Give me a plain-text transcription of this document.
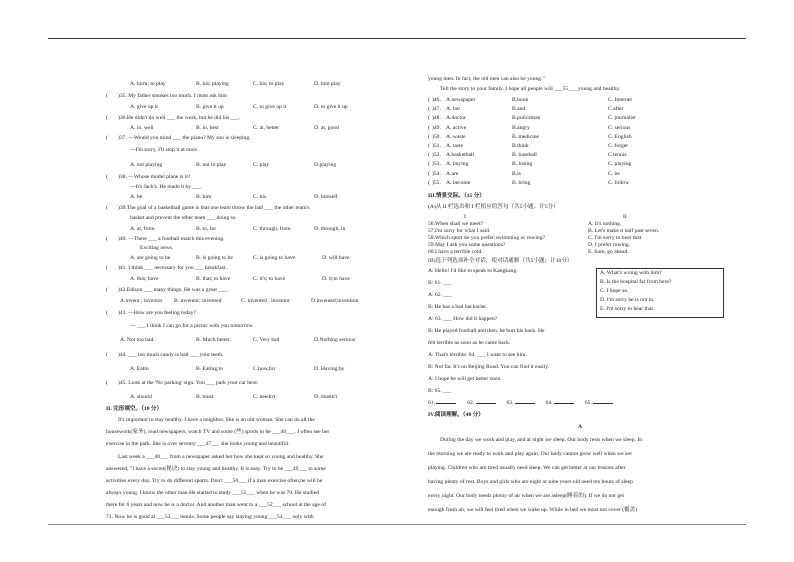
A. hirm; to play	B. his; playing	C. his; to play	D. him play
( )35. My father smokes too much. I must ask him
A. give up it	B. give it up	C. to give up it	D. to give it up
( )36.He didn't do well ___ the work, but he did his ___.
A. in, well	B. in, best	C. at, better	D. at, good
( )37. —Would you mind ___ the piano? My son is sleeping.
—I'm sorry, I'll stop it at once.
A. not playing	B. not to play	C. play	D.playing
( )38. —Whose model plane is it?
—It's Jack's. He made it by ___.
A. he	B. him	C. his	D. himself
( )39.The goal of a basketball game is that one team throw the ball ___ the other team's
basket and prevent the other team ___ doing so
A. at, from	B. to, for	C. through, from	D. through, in
( )40. —There ___ a football match this evening.
Exciting news.
A. are going to be	B. is going to be	C. is going to have	D. will have
( )41. I think ___ necessary for you ___ breakfast.
A. this; have	B. that; to have	C. it's; to have	D. it;to have
( )42.Edison ___ many things. He was a great ___.
A.invent ; inventor B. inventor; invented	C. invented ; inventor	D.invented;invention
( )43. —How are you feeling today?
— ___ I think I can go for a picnic with you tomorrow.
A. Not too bad.	B. Much better.	C. Very bad	D.Nothing serious
( )44. ___ too much candy is bad ___ your teeth.
A. Eatin	B. Eating,to	C.how,for	D. Having;by
( )45. Look at the 'No parking' sign. You ___ park your car here.
A. should	B. must	C. needn't	D. mustn't
II. 完形填空。（10 分）
It's important to stay healthy. I have a neighbor. She is an old woman. She can do all the
housework(家务), read newspapers, watch TV and some (些) sports to be ___46___. I often see her
exercise in the park. She is over seventy ___47___ she looks young and beautiful.
Last week a ___48___ from a newspaper asked her how she kept so young and healthy. She
answered, "I have a secret(秘诀) to stay young and healthy. It is easy. Try to be ___49___ in some
activities every day. Try to do different sports. Don't ___50___ if a man exercise often,he will be
always young. I know the other man.He started to study ___51___ when he was 70. He studied
there for 6 years and now he is a doctor. And another man went to a ___52___ school at the age of
71. Now he is good at ___53___ tennis. Some people say staying young ___54___ only with
young men. In fact, the old men can also be young."
Tell the story to your family. I hope all people will ___55___ young and healthy.
( )46. A.newspaper	B.book	C. Internet
( )47. A. but	B.and	C.after
( )48. A.doctor	B.policeman	C. journalist
( )49. A. active	B.angry	C. serious
( )50. A. waste	B. medicine	C. English
( )51. A. taste	B.think	C. forget
( )52. A.basketball	B. baseball	C.tennis
( )53. A. buying	B. losing	C. playing
( )54. A.are	B.is	C. be
( )55. A. become	B. bring	C. follow
III.情景交际。（15 分）
(A)从 II 栏选出和 I 栏相应的答句（共5小题；计5分）
I	II
56.When shall we meet?
57.I'm sorry for what I said.
58.Which sport do you prefer:swimming or rowing?
59.May I ask you some questions?
60.I have a terrible cold.
A. It's nothing.
B. Let's make it half past seven.
C. I'm sorry to hear that.
D. I prefer rowing.
E. Sure, go ahead.
(B)选下列选项补全对话，使对话通顺（共5小题；计10分）
A: Hello! I'd like to speak to Kangkang.
B: 61. ___
A: 62. ___
B: He has a bad backache.
A: 63. ___ How did it happen?
B: He played football and then, he hurt his back. He
felt terrible as soon as he came back.
A: That's terrible. 64. ___ I want to see him.
B: Not far. It's on Beijing Road. You can find it easily.
A: I hope he will get better soon.
B: 65. ___
61.	62.	63.	64.	65.
A. What's wrong with him?
B. Is the hospital far from here?
C. I hope so.
D. I'm sorry he is not in.
E. I'm sorry to hear that.
IV.阅读理解。（40 分）
A
During the day we work and play, and at night we sleep. Our body rests when we sleep. In
the morning we are ready to work and play again. Our body cannot grow well when we are
playing. Children who are tired usually need sleep. We can get better at our lessons after
having plenty of rest. Boys and girls who are eight or nine years old need ten hours of sleep
every night. Our body needs plenty of air when we are asleep(睡着的). If we do not get
enough fresh air, we will feel tired when we wake up. While in bed we must not cover (覆盖)
